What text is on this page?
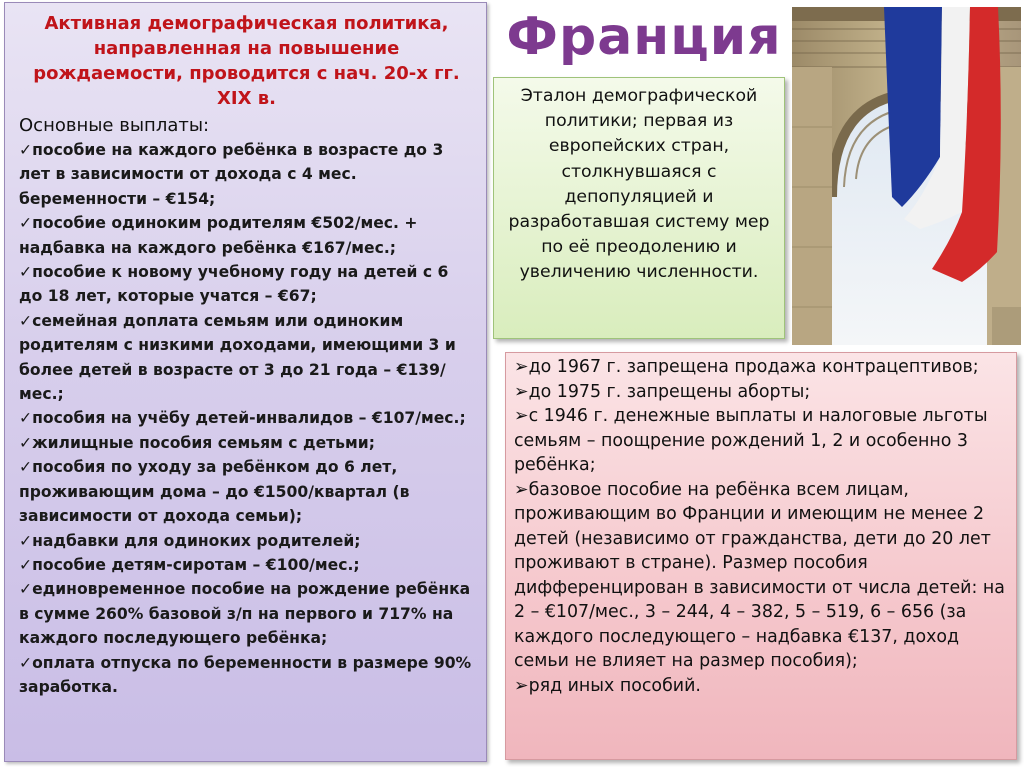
Активная демографическая политика, направленная на повышение рождаемости, проводится с нач. 20-х гг. XIX в.
Основные выплаты:
✓пособие на каждого ребёнка в возрасте до 3 лет в зависимости от дохода с 4 мес. беременности – €154;
✓пособие одиноким родителям €502/мес. + надбавка на каждого ребёнка €167/мес.;
✓пособие к новому учебному году на детей с 6 до 18 лет, которые учатся – €67;
✓семейная доплата семьям или одиноким родителям с низкими доходами, имеющими 3 и более детей в возрасте от 3 до 21 года – €139/мес.;
✓пособия на учёбу детей-инвалидов – €107/мес.;
✓жилищные пособия семьям с детьми;
✓пособия по уходу за ребёнком до 6 лет, проживающим дома – до €1500/квартал (в зависимости от дохода семьи);
✓надбавки для одиноких родителей;
✓пособие детям-сиротам – €100/мес.;
✓единовременное пособие на рождение ребёнка в сумме 260% базовой з/п на первого и 717% на каждого последующего ребёнка;
✓оплата отпуска по беременности в размере 90% заработка.
Франция
Эталон демографической политики; первая из европейских стран, столкнувшаяся с депопуляцией и разработавшая систему мер по её преодолению и увеличению численности.
➢до 1967 г. запрещена продажа контрацептивов;
➢до 1975 г. запрещены аборты;
➢с 1946 г. денежные выплаты и налоговые льготы семьям – поощрение рождений 1, 2 и особенно 3 ребёнка;
➢базовое пособие на ребёнка всем лицам, проживающим во Франции и имеющим не менее 2 детей (независимо от гражданства, дети до 20 лет проживают в стране). Размер пособия дифференцирован в зависимости от числа детей: на 2 – €107/мес., 3 – 244, 4 – 382, 5 – 519, 6 – 656 (за каждого последующего – надбавка €137, доход семьи не влияет на размер пособия);
➢ряд иных пособий.
